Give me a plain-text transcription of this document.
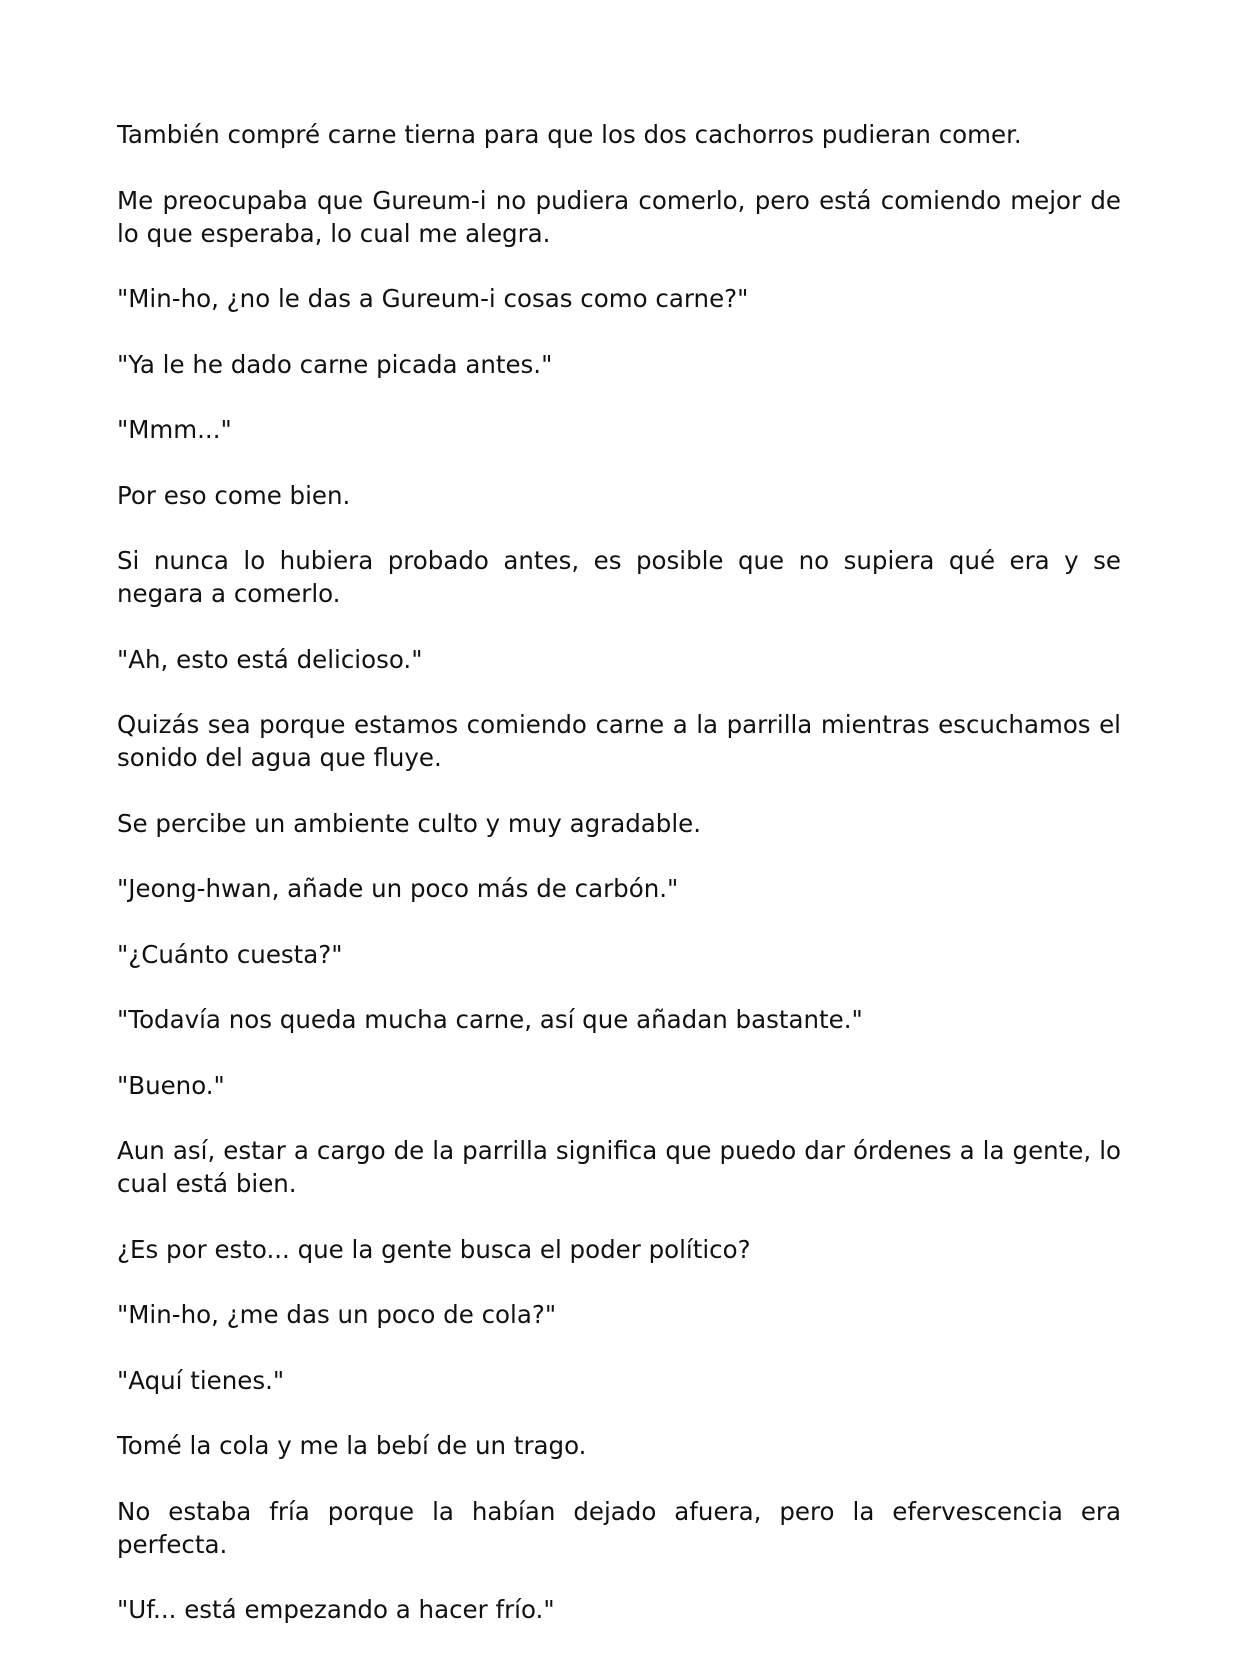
También compré carne tierna para que los dos cachorros pudieran comer.

Me preocupaba que Gureum-i no pudiera comerlo, pero está comiendo mejor de lo que esperaba, lo cual me alegra.

"Min-ho, ¿no le das a Gureum-i cosas como carne?"

"Ya le he dado carne picada antes."

"Mmm..."

Por eso come bien.

Si nunca lo hubiera probado antes, es posible que no supiera qué era y se negara a comerlo.

"Ah, esto está delicioso."

Quizás sea porque estamos comiendo carne a la parrilla mientras escuchamos el sonido del agua que fluye.

Se percibe un ambiente culto y muy agradable.

"Jeong-hwan, añade un poco más de carbón."

"¿Cuánto cuesta?"

"Todavía nos queda mucha carne, así que añadan bastante."

"Bueno."

Aun así, estar a cargo de la parrilla significa que puedo dar órdenes a la gente, lo cual está bien.

¿Es por esto... que la gente busca el poder político?

"Min-ho, ¿me das un poco de cola?"

"Aquí tienes."

Tomé la cola y me la bebí de un trago.

No estaba fría porque la habían dejado afuera, pero la efervescencia era perfecta.

"Uf... está empezando a hacer frío."
